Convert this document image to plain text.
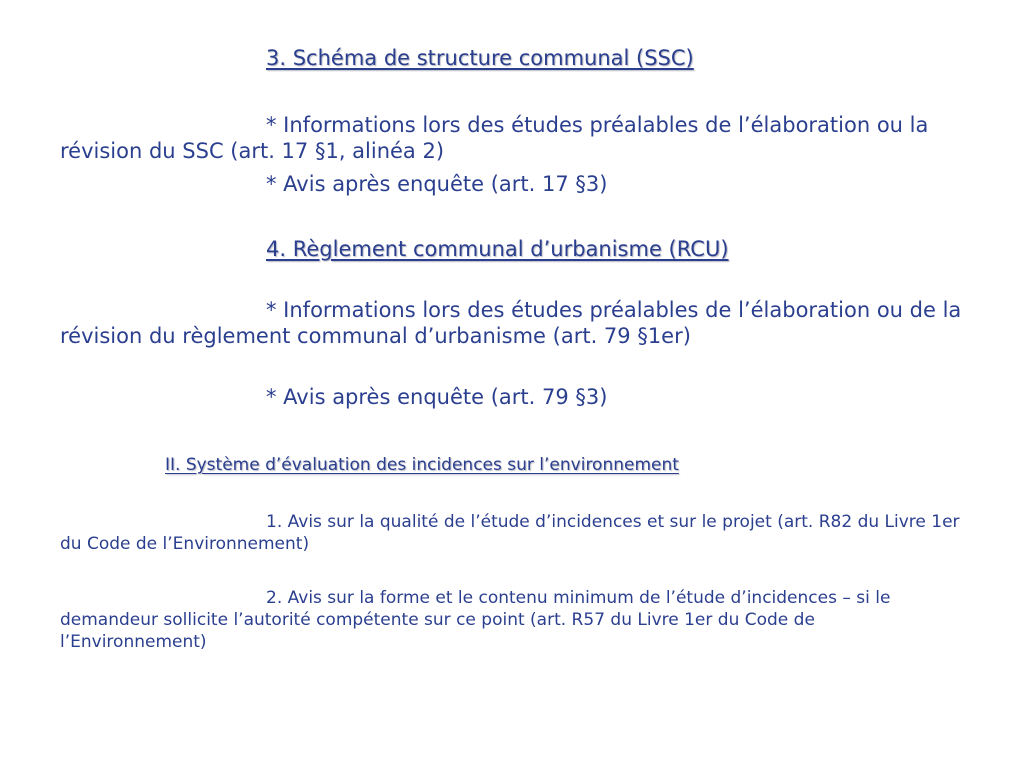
3. Schéma de structure communal (SSC)

* Informations lors des études préalables de l’élaboration ou la révision du SSC (art. 17 §1, alinéa 2)

* Avis après enquête (art. 17 §3)

4. Règlement communal d’urbanisme (RCU)

* Informations lors des études préalables de l’élaboration ou de la révision du règlement communal d’urbanisme (art. 79 §1er)

* Avis après enquête (art. 79 §3)

II. Système d’évaluation des incidences sur l’environnement

1. Avis sur la qualité de l’étude d’incidences et sur le projet (art. R82 du Livre 1er du Code de l’Environnement)

2. Avis sur la forme et le contenu minimum de l’étude d’incidences – si le demandeur sollicite l’autorité compétente sur ce point (art. R57 du Livre 1er du Code de l’Environnement)
